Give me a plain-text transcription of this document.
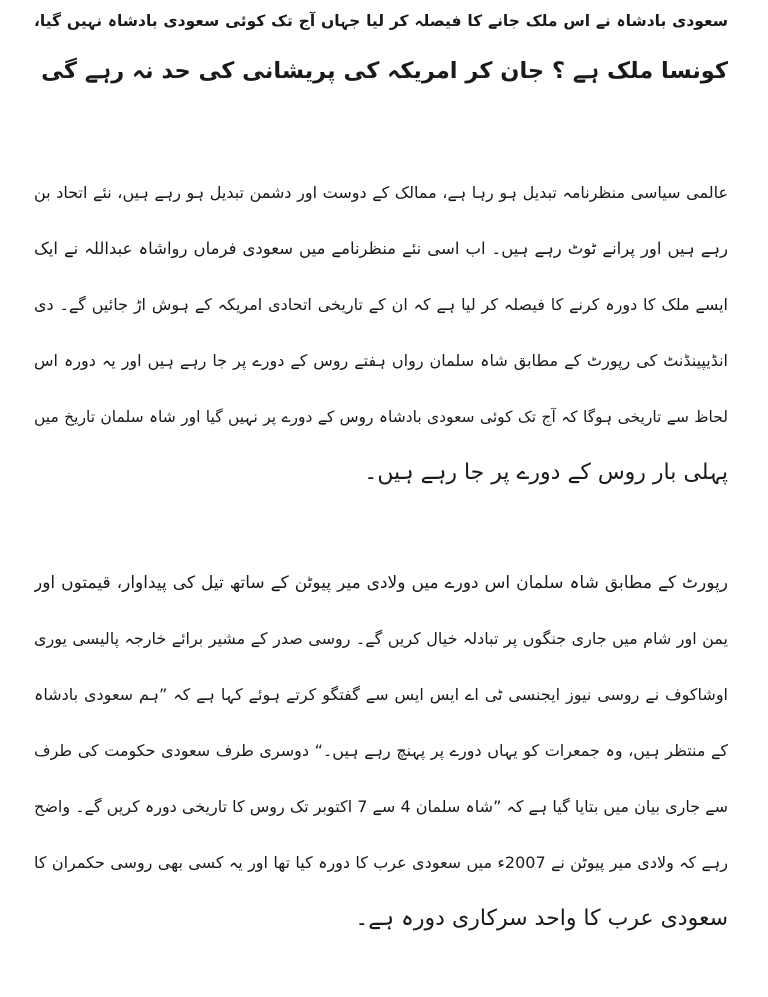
سعودی بادشاہ نے اس ملک جانے کا فیصلہ کر لیا جہاں آج تک کوئی سعودی بادشاہ نہیں گیا،
کونسا ملک ہے ؟ جان کر امریکہ کی پریشانی کی حد نہ رہے گی
عالمی سیاسی منظرنامہ تبدیل ہو رہا ہے، ممالک کے دوست اور دشمن تبدیل ہو رہے ہیں، نئے اتحاد بن
رہے ہیں اور پرانے ٹوٹ رہے ہیں۔ اب اسی نئے منظرنامے میں سعودی فرماں رواشاہ عبداللہ نے ایک
ایسے ملک کا دورہ کرنے کا فیصلہ کر لیا ہے کہ ان کے تاریخی اتحادی امریکہ کے ہوش اڑ جائیں گے۔ دی
انڈیپینڈنٹ کی رپورٹ کے مطابق شاہ سلمان رواں ہفتے روس کے دورے پر جا رہے ہیں اور یہ دورہ اس
لحاظ سے تاریخی ہوگا کہ آج تک کوئی سعودی بادشاہ روس کے دورے پر نہیں گیا اور شاہ سلمان تاریخ میں
پہلی بار روس کے دورے پر جا رہے ہیں۔
رپورٹ کے مطابق شاہ سلمان اس دورے میں ولادی میر پیوٹن کے ساتھ تیل کی پیداوار، قیمتوں اور
یمن اور شام میں جاری جنگوں پر تبادلہ خیال کریں گے۔ روسی صدر کے مشیر برائے خارجہ پالیسی یوری
اوشاکوف نے روسی نیوز ایجنسی ٹی اے ایس ایس سے گفتگو کرتے ہوئے کہا ہے کہ ”ہم سعودی بادشاہ
کے منتظر ہیں، وہ جمعرات کو یہاں دورے پر پہنچ رہے ہیں۔“ دوسری طرف سعودی حکومت کی طرف
سے جاری بیان میں بتایا گیا ہے کہ ”شاہ سلمان 4 سے 7 اکتوبر تک روس کا تاریخی دورہ کریں گے۔ واضح
رہے کہ ولادی میر پیوٹن نے 2007ء میں سعودی عرب کا دورہ کیا تھا اور یہ کسی بھی روسی حکمران کا
سعودی عرب کا واحد سرکاری دورہ ہے۔
